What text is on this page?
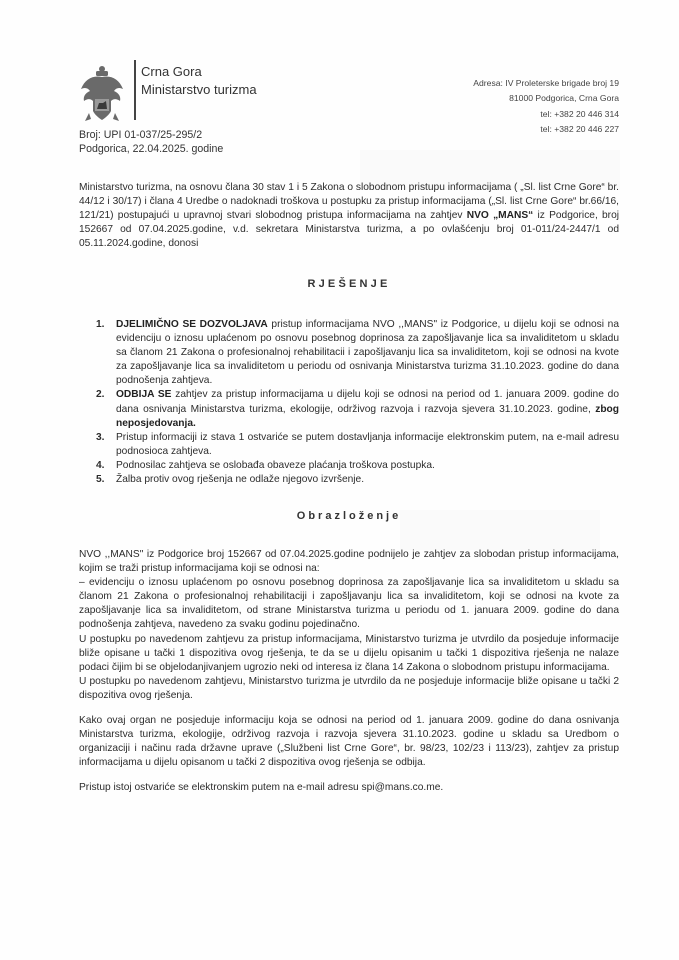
Crna Gora
Ministarstvo turizma	Adresa: IV Proleterske brigade broj 19
81000 Podgorica, Crna Gora
tel: +382 20 446 314
tel: +382 20 446 227
Broj: UPI 01-037/25-295/2
Podgorica, 22.04.2025. godine
Ministarstvo turizma, na osnovu člana 30 stav 1 i 5 Zakona o slobodnom pristupu informacijama ( „Sl. list Crne Gore“ br. 44/12 i 30/17) i člana 4 Uredbe o nadoknadi troškova u postupku za pristup informacijama („Sl. list Crne Gore“ br.66/16, 121/21) postupajući u upravnoj stvari slobodnog pristupa informacijama na zahtjev NVO „MANS“ iz Podgorice, broj 152667 od 07.04.2025.godine, v.d. sekretara Ministarstva turizma, a po ovlašćenju broj 01-011/24-2447/1 od 05.11.2024.godine, donosi
RJEŠENJE
1. DJELIMIČNO SE DOZVOLJAVA pristup informacijama NVO ,,MANS" iz Podgorice, u dijelu koji se odnosi na evidenciju o iznosu uplaćenom po osnovu posebnog doprinosa za zapošljavanje lica sa invaliditetom u skladu sa članom 21 Zakona o profesionalnoj rehabilitacii i zapošljavanju lica sa invaliditetom, koji se odnosi na kvote za zapošljavanje lica sa invaliditetom u periodu od osnivanja Ministarstva turizma 31.10.2023. godine do dana podnošenja zahtjeva.
2. ODBIJA SE zahtjev za pristup informacijama u dijelu koji se odnosi na period od 1. januara 2009. godine do dana osnivanja Ministarstva turizma, ekologije, održivog razvoja i razvoja sjevera 31.10.2023. godine, zbog neposjedovanja.
3. Pristup informaciji iz stava 1 ostvariće se putem dostavljanja informacije elektronskim putem, na e-mail adresu podnosioca zahtjeva.
4. Podnosilac zahtjeva se oslobađa obaveze plaćanja troškova postupka.
5. Žalba protiv ovog rješenja ne odlaže njegovo izvršenje.
Obrazloženje
NVO ,,MANS" iz Podgorice broj 152667 od 07.04.2025.godine podnijelo je zahtjev za slobodan pristup informacijama, kojim se traži pristup informacijama koji se odnosi na:
– evidenciju o iznosu uplaćenom po osnovu posebnog doprinosa za zapošljavanje lica sa invaliditetom u skladu sa članom 21 Zakona o profesionalnoj rehabilitaciji i zapošljavanju lica sa invaliditetom, koji se odnosi na kvote za zapošljavanje lica sa invaliditetom, od strane Ministarstva turizma u periodu od 1. januara 2009. godine do dana podnošenja zahtjeva, navedeno za svaku godinu pojedinačno.
U postupku po navedenom zahtjevu za pristup informacijama, Ministarstvo turizma je utvrdilo da posjeduje informacije bliže opisane u tački 1 dispozitiva ovog rješenja, te da se u dijelu opisanim u tački 1 dispozitiva rješenja ne nalaze podaci čijim bi se objelodanjivanjem ugrozio neki od interesa iz člana 14 Zakona o slobodnom pristupu informacijama.
U postupku po navedenom zahtjevu, Ministarstvo turizma je utvrdilo da ne posjeduje informacije bliže opisane u tački 2 dispozitiva ovog rješenja.
Kako ovaj organ ne posjeduje informaciju koja se odnosi na period od 1. januara 2009. godine do dana osnivanja Ministarstva turizma, ekologije, održivog razvoja i razvoja sjevera 31.10.2023. godine u skladu sa Uredbom o organizaciji i načinu rada državne uprave („Službeni list Crne Gore“, br. 98/23, 102/23 i 113/23), zahtjev za pristup informacijama u dijelu opisanom u tački 2 dispozitiva ovog rješenja se odbija.
Pristup istoj ostvariće se elektronskim putem na e-mail adresu spi@mans.co.me.
